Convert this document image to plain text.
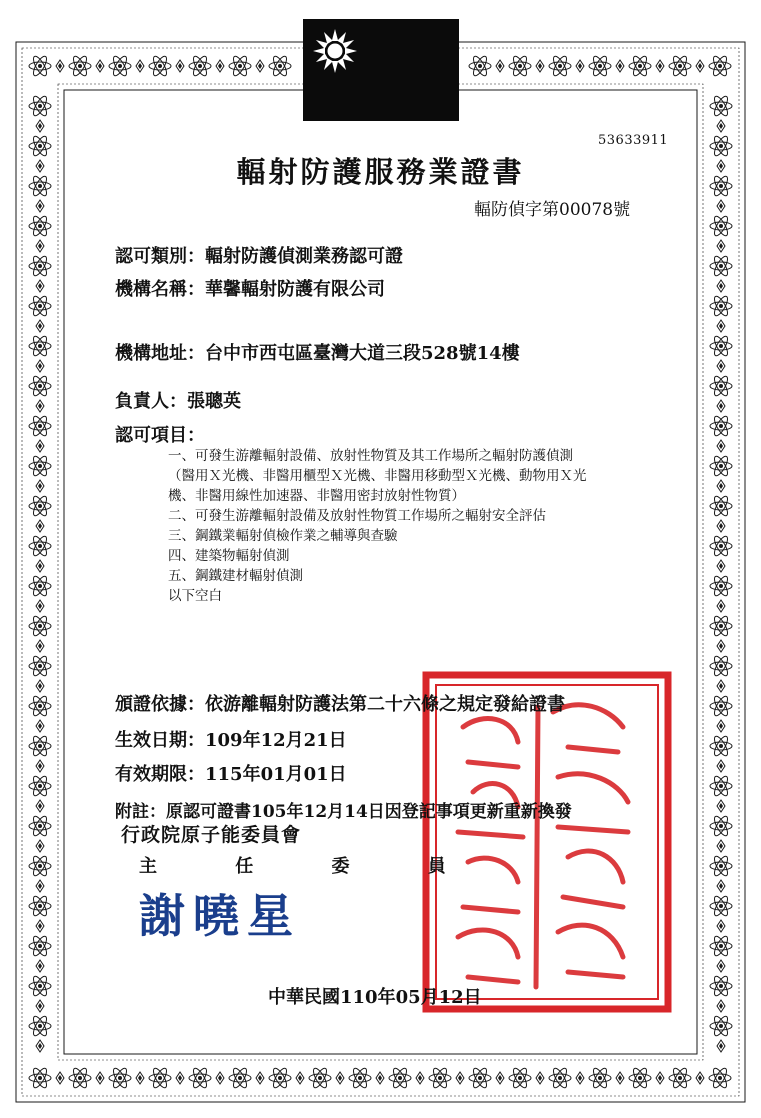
53633911
輻射防護服務業證書
輻防偵字第00078號
認可類別：輻射防護偵測業務認可證
機構名稱：華馨輻射防護有限公司
機構地址：台中市西屯區臺灣大道三段528號14樓
負責人：張聰英
認可項目：
一、可發生游離輻射設備、放射性物質及其工作場所之輻射防護偵測
（醫用Ｘ光機、非醫用櫃型Ｘ光機、非醫用移動型Ｘ光機、動物用Ｘ光
機、非醫用線性加速器、非醫用密封放射性物質）
二、可發生游離輻射設備及放射性物質工作場所之輻射安全評估
三、鋼鐵業輻射偵檢作業之輔導與查驗
四、建築物輻射偵測
五、鋼鐵建材輻射偵測
以下空白
頒證依據：依游離輻射防護法第二十六條之規定發給證書
生效日期：109年12月21日
有效期限：115年01月01日
附註：原認可證書105年12月14日因登記事項更新重新換發
行政院原子能委員會
主 任 委 員
謝曉星
中華民國110年05月12日
